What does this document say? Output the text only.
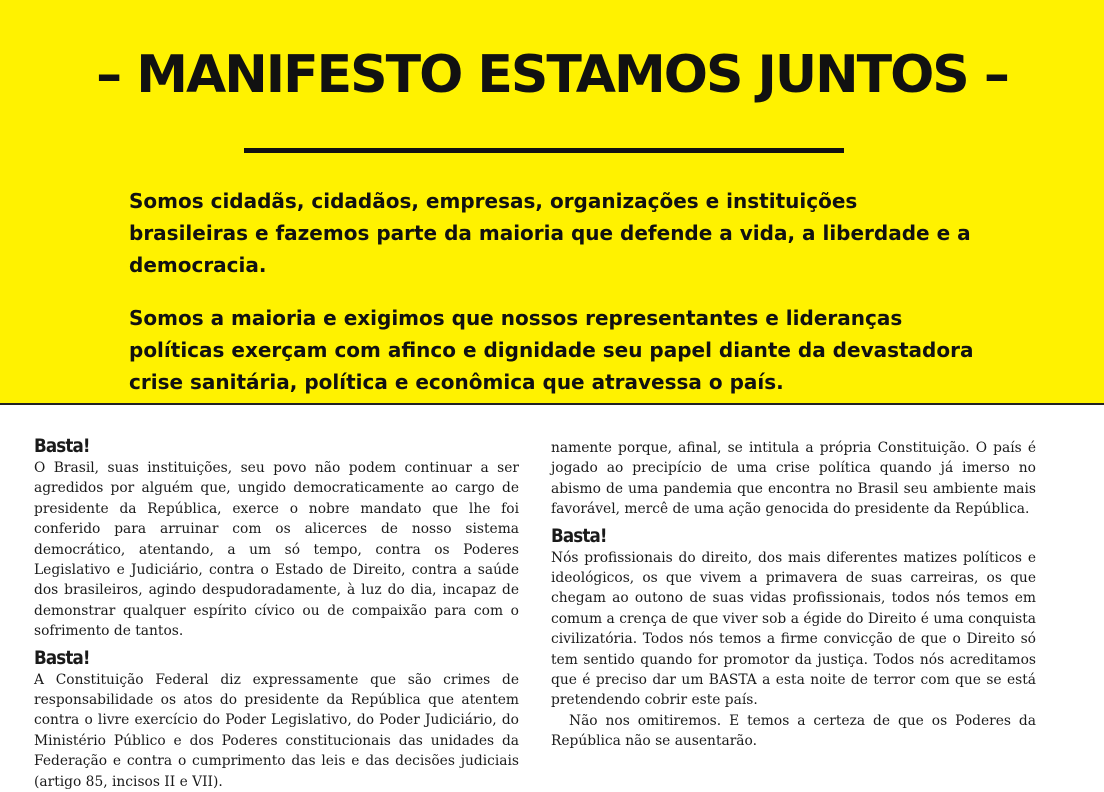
– MANIFESTO ESTAMOS JUNTOS –

Somos cidadãs, cidadãos, empresas, organizações e instituições brasileiras e fazemos parte da maioria que defende a vida, a liberdade e a democracia.

Somos a maioria e exigimos que nossos representantes e lideranças políticas exerçam com afinco e dignidade seu papel diante da devastadora crise sanitária, política e econômica que atravessa o país.

Basta!

O Brasil, suas instituições, seu povo não podem continuar a ser agredidos por alguém que, ungido democraticamente ao cargo de presidente da República, exerce o nobre mandato que lhe foi conferido para arruinar com os alicerces de nosso sistema democrático, atentando, a um só tempo, contra os Poderes Legislativo e Judiciário, contra o Estado de Direito, contra a saúde dos brasileiros, agindo despudoradamente, à luz do dia, incapaz de demonstrar qualquer espírito cívico ou de compaixão para com o sofrimento de tantos.

Basta!

A Constituição Federal diz expressamente que são crimes de responsabilidade os atos do presidente da República que atentem contra o livre exercício do Poder Legislativo, do Poder Judiciário, do Ministério Público e dos Poderes constitucionais das unidades da Federação e contra o cumprimento das leis e das decisões judiciais (artigo 85, incisos II e VII).

namente porque, afinal, se intitula a própria Constituição. O país é jogado ao precipício de uma crise política quando já imerso no abismo de uma pandemia que encontra no Brasil seu ambiente mais favorável, mercê de uma ação genocida do presidente da República.

Basta!

Nós profissionais do direito, dos mais diferentes matizes políticos e ideológicos, os que vivem a primavera de suas carreiras, os que chegam ao outono de suas vidas profissionais, todos nós temos em comum a crença de que viver sob a égide do Direito é uma conquista civilizatória. Todos nós temos a firme convicção de que o Direito só tem sentido quando for promotor da justiça. Todos nós acreditamos que é preciso dar um BASTA a esta noite de terror com que se está pretendendo cobrir este país.

Não nos omitiremos. E temos a certeza de que os Poderes da República não se ausentarão.
